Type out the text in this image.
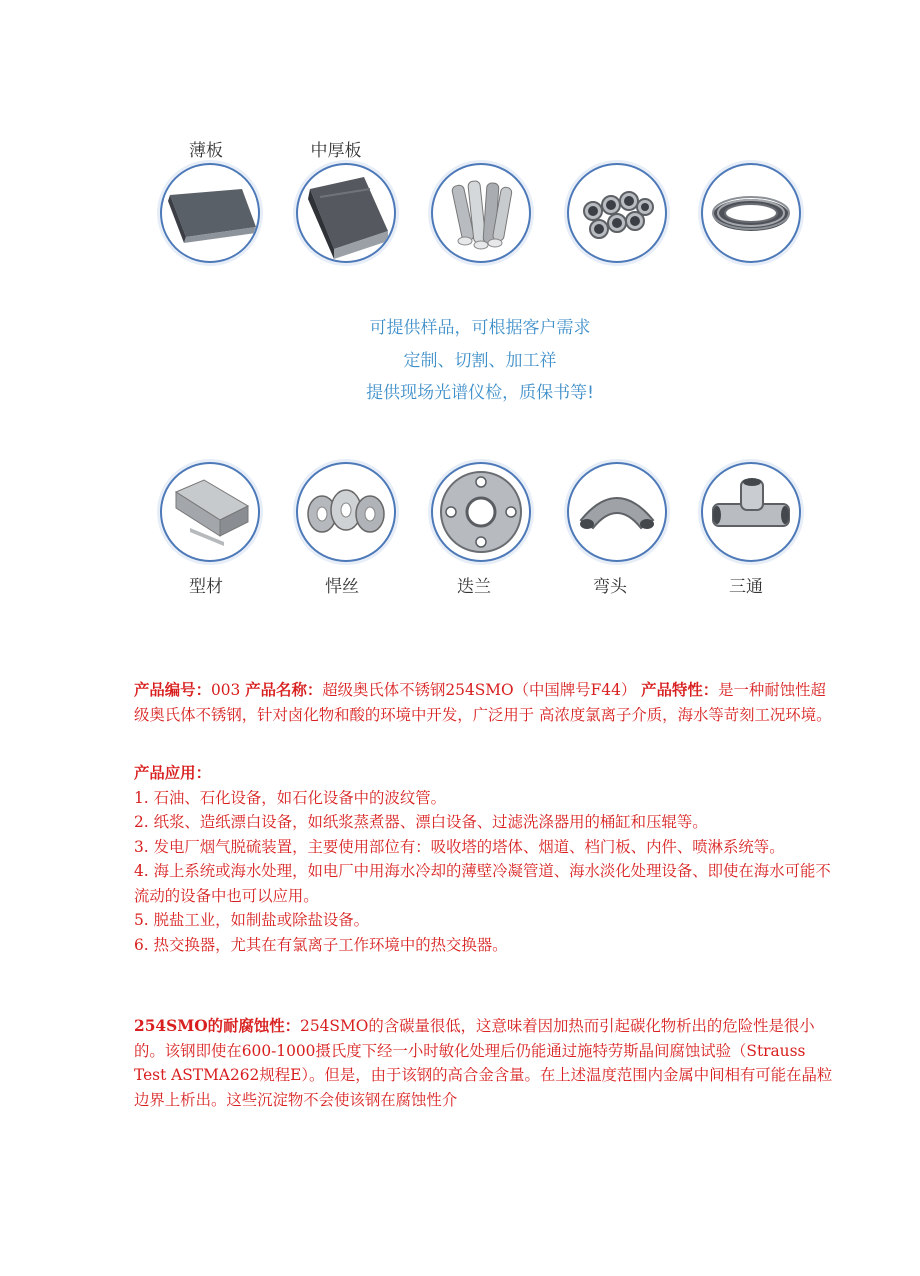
薄板	中厚板
可提供样品，可根据客户需求
定制、切割、加工祥
提供现场光谱仪检，质保书等!
型材	悍丝	迭兰	弯头	三通

产品编号：003 产品名称：超级奥氏体不锈钢254SMO（中国牌号F44） 产品特性：是一种耐蚀性超级奥氏体不锈钢，针对卤化物和酸的环境中开发，广泛用于 高浓度氯离子介质，海水等苛刻工况环境。

产品应用：

1. 石油、石化设备，如石化设备中的波纹管。

2. 纸浆、造纸漂白设备，如纸浆蒸煮器、漂白设备、过滤洗涤器用的桶缸和压辊等。

3. 发电厂烟气脱硫装置，主要使用部位有：吸收塔的塔体、烟道、档门板、内件、喷淋系统等。

4. 海上系统或海水处理，如电厂中用海水冷却的薄壁冷凝管道、海水淡化处理设备、即使在海水可能不流动的设备中也可以应用。

5. 脱盐工业，如制盐或除盐设备。

6. 热交换器，尤其在有氯离子工作环境中的热交换器。

254SMO的耐腐蚀性：254SMO的含碳量很低，这意味着因加热而引起碳化物析出的危险性是很小的。该钢即使在600-1000摄氏度下经一小时敏化处理后仍能通过施特劳斯晶间腐蚀试验（Strauss Test ASTMA262规程E）。但是，由于该钢的高合金含量。在上述温度范围内金属中间相有可能在晶粒边界上析出。这些沉淀物不会使该钢在腐蚀性介
